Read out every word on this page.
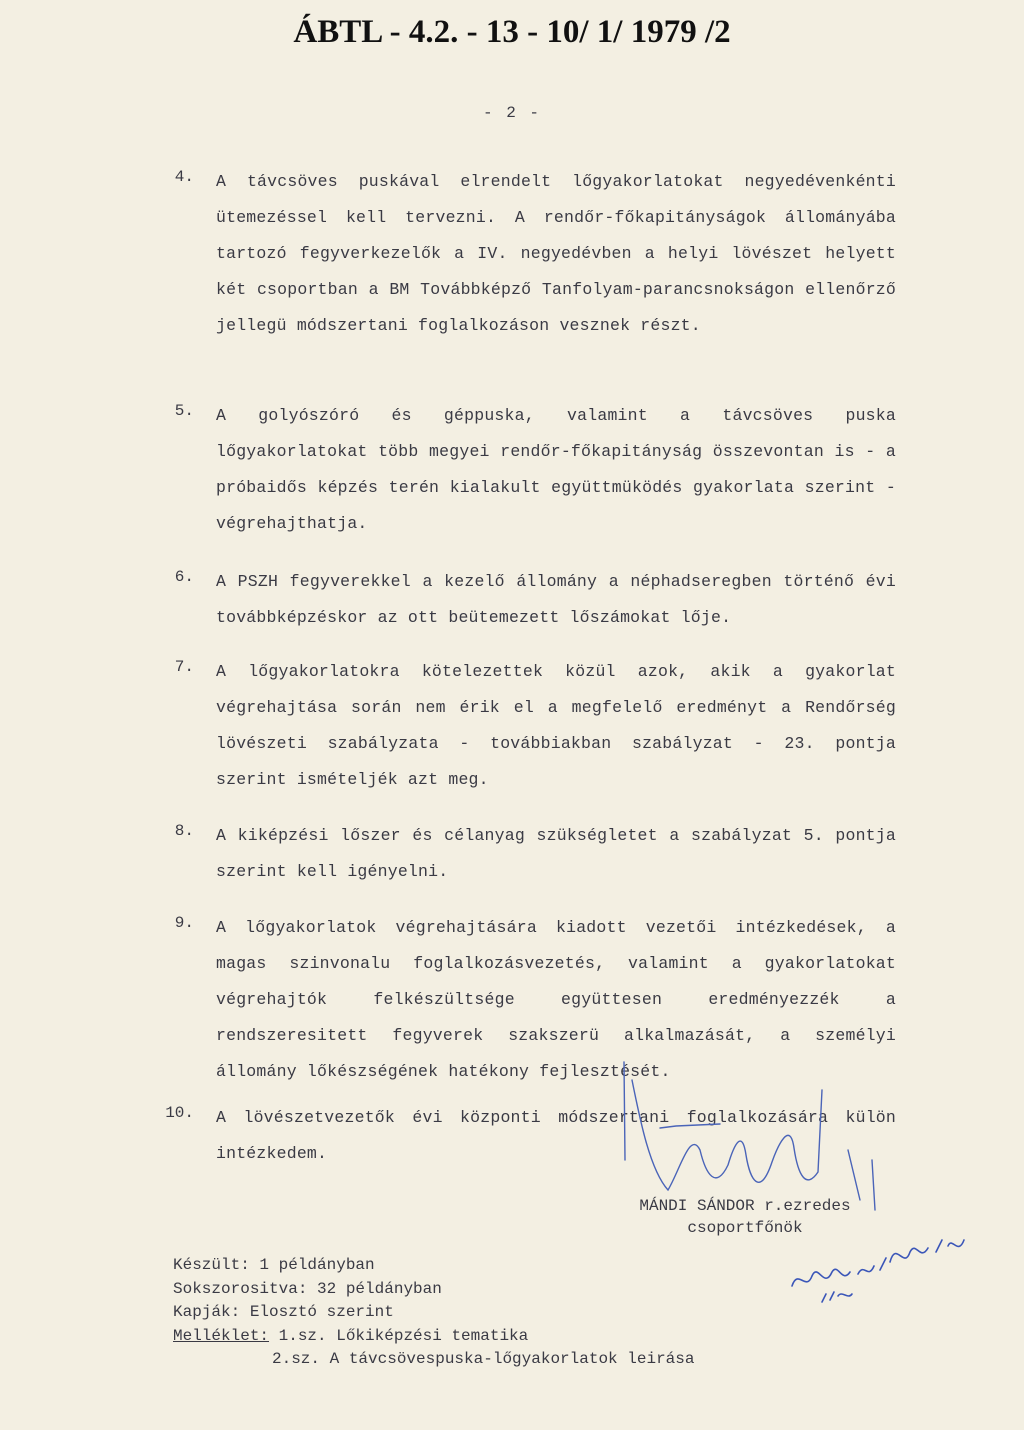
ÁBTL - 4.2. - 13 - 10/ 1/ 1979 /2
- 2 -
4. A távcsöves puskával elrendelt lőgyakorlatokat negyedévenkénti ütemezéssel kell tervezni. A rendőr-főkapitányságok állományába tartozó fegyverkezelők a IV. negyedévben a helyi lövészet helyett két csoportban a BM Továbbképző Tanfolyam-parancsnokságon ellenőrző jellegü módszertani foglalkozáson vesznek részt.
5. A golyószóró és géppuska, valamint a távcsöves puska lőgyakorlatokat több megyei rendőr-főkapitányság összevontan is - a próbaidős képzés terén kialakult együttmüködés gyakorlata szerint - végrehajthatja.
6. A PSZH fegyverekkel a kezelő állomány a néphadseregben történő évi továbbképzéskor az ott beütemezett lőszámokat lője.
7. A lőgyakorlatokra kötelezettek közül azok, akik a gyakorlat végrehajtása során nem érik el a megfelelő eredményt a Rendőrség lövészeti szabályzata - továbbiakban szabályzat - 23. pontja szerint ismételjék azt meg.
8. A kiképzési lőszer és célanyag szükségletet a szabályzat 5. pontja szerint kell igényelni.
9. A lőgyakorlatok végrehajtására kiadott vezetői intézkedések, a magas szinvonalu foglalkozásvezetés, valamint a gyakorlatokat végrehajtók felkészültsége együttesen eredményezzék a rendszeresitett fegyverek szakszerü alkalmazását, a személyi állomány lőkészségének hatékony fejlesztését.
10. A lövészetvezetők évi központi módszertani foglalkozására külön intézkedem.
MÁNDI SÁNDOR r.ezredes
csoportfőnök
Készült: 1 példányban
Sokszorositva: 32 példányban
Kapják: Elosztó szerint
Melléklet: 1.sz. Lőkiképzési tematika
2.sz. A távcsövespuska-lőgyakorlatok leirása
